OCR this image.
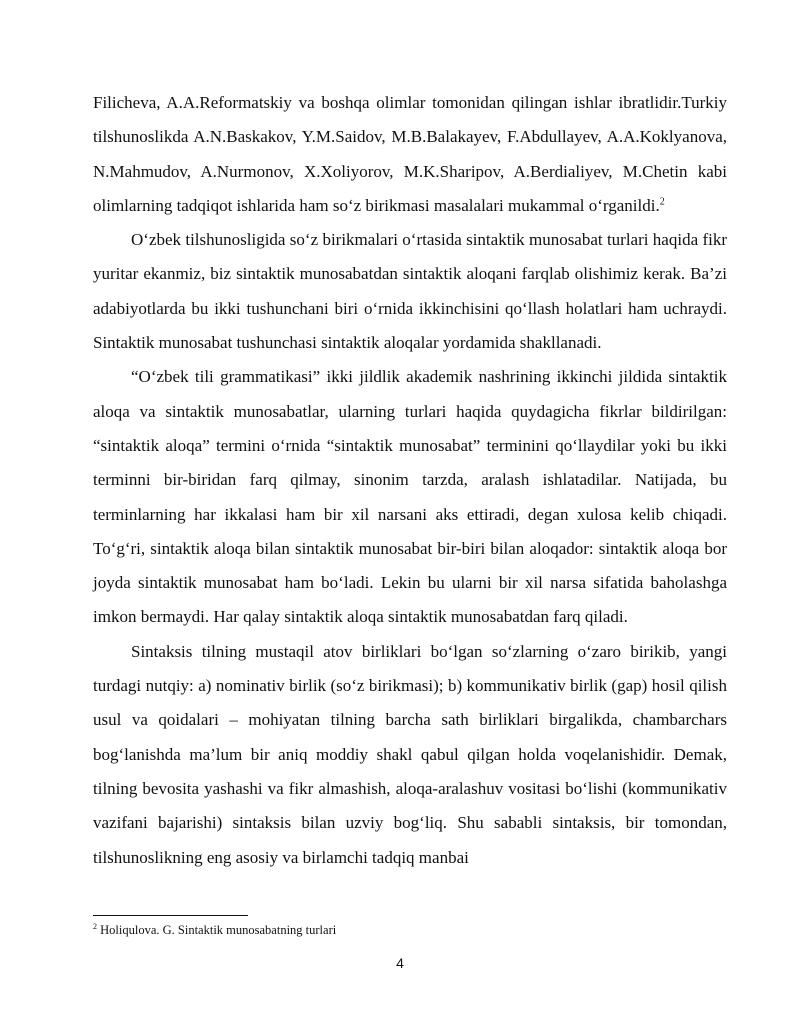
Filicheva, A.A.Reformatskiy va boshqa olimlar tomonidan qilingan ishlar ibratlidir.Turkiy tilshunoslikda A.N.Baskakov, Y.M.Saidov, M.B.Balakayev, F.Abdullayev, A.A.Koklyanova, N.Mahmudov, A.Nurmonov, X.Xoliyorov, M.K.Sharipov, A.Berdialiyev, M.Chetin kabi olimlarning tadqiqot ishlarida ham so‘z birikmasi masalalari mukammal o‘rganildi.$^2$

O‘zbek tilshunosligida so‘z birikmalari o‘rtasida sintaktik munosabat turlari haqida fikr yuritar ekanmiz, biz sintaktik munosabatdan sintaktik aloqani farqlab olishimiz kerak. Ba’zi adabiyotlarda bu ikki tushunchani biri o‘rnida ikkinchisini qo‘llash holatlari ham uchraydi. Sintaktik munosabat tushunchasi sintaktik aloqalar yordamida shakllanadi.

“O‘zbek tili grammatikasi” ikki jildlik akademik nashrining ikkinchi jildida sintaktik aloqa va sintaktik munosabatlar, ularning turlari haqida quydagicha fikrlar bildirilgan: “sintaktik aloqa” termini o‘rnida “sintaktik munosabat” terminini qo‘llaydilar yoki bu ikki terminni bir-biridan farq qilmay, sinonim tarzda, aralash ishlatadilar. Natijada, bu terminlarning har ikkalasi ham bir xil narsani aks ettiradi, degan xulosa kelib chiqadi. To‘g‘ri, sintaktik aloqa bilan sintaktik munosabat bir-biri bilan aloqador: sintaktik aloqa bor joyda sintaktik munosabat ham bo‘ladi. Lekin bu ularni bir xil narsa sifatida baholashga imkon bermaydi. Har qalay sintaktik aloqa sintaktik munosabatdan farq qiladi.

Sintaksis tilning mustaqil atov birliklari bo‘lgan so‘zlarning o‘zaro birikib, yangi turdagi nutqiy: a) nominativ birlik (so‘z birikmasi); b) kommunikativ birlik (gap) hosil qilish usul va qoidalari – mohiyatan tilning barcha sath birliklari birgalikda, chambarchars bog‘lanishda ma’lum bir aniq moddiy shakl qabul qilgan holda voqelanishidir. Demak, tilning bevosita yashashi va fikr almashish, aloqa-aralashuv vositasi bo‘lishi (kommunikativ vazifani bajarishi) sintaksis bilan uzviy bog‘liq. Shu sababli sintaksis, bir tomondan, tilshunoslikning eng asosiy va birlamchi tadqiq manbai

$^2$ Holiqulova. G. Sintaktik munosabatning turlari
4
